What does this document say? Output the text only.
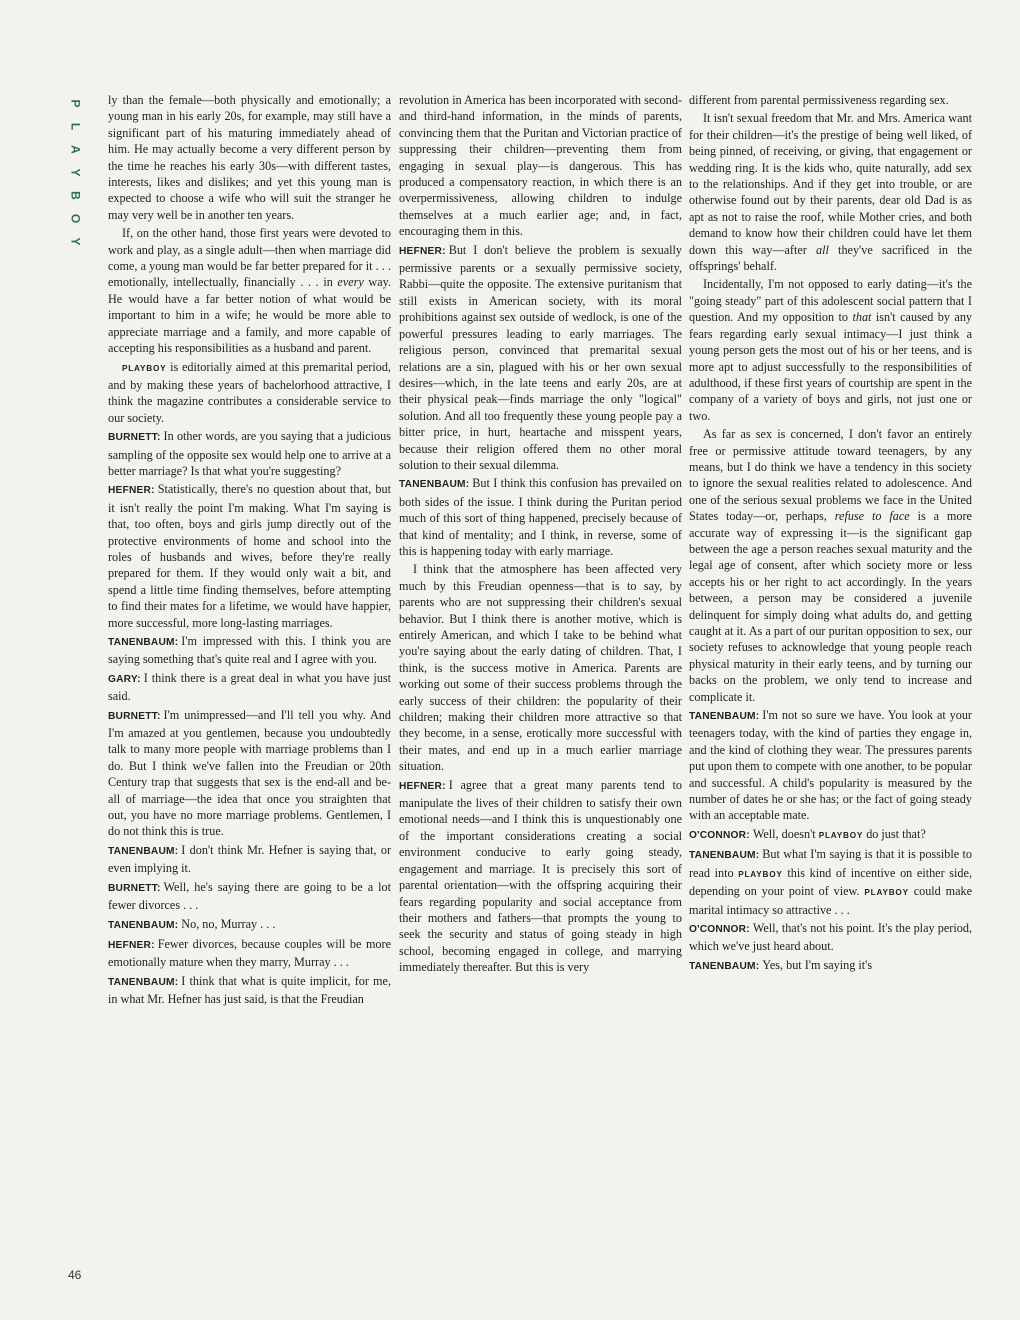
P
L
A
Y
B
O
Y
46

ly than the female—both physically and emotionally; a young man in his early 20s, for example, may still have a significant part of his maturing immediately ahead of him. He may actually become a very different person by the time he reaches his early 30s—with different tastes, interests, likes and dislikes; and yet this young man is expected to choose a wife who will suit the stranger he may very well be in another ten years.

If, on the other hand, those first years were devoted to work and play, as a single adult—then when marriage did come, a young man would be far better prepared for it . . . emotionally, intellectually, financially . . . in every way. He would have a far better notion of what would be important to him in a wife; he would be more able to appreciate marriage and a family, and more capable of accepting his responsibilities as a husband and parent.

PLAYBOY is editorially aimed at this premarital period, and by making these years of bachelorhood attractive, I think the magazine contributes a considerable service to our society.

BURNETT: In other words, are you saying that a judicious sampling of the opposite sex would help one to arrive at a better marriage? Is that what you're suggesting?

HEFNER: Statistically, there's no question about that, but it isn't really the point I'm making. What I'm saying is that, too often, boys and girls jump directly out of the protective environments of home and school into the roles of husbands and wives, before they're really prepared for them. If they would only wait a bit, and spend a little time finding themselves, before attempting to find their mates for a lifetime, we would have happier, more successful, more long-lasting marriages.

TANENBAUM: I'm impressed with this. I think you are saying something that's quite real and I agree with you.

GARY: I think there is a great deal in what you have just said.

BURNETT: I'm unimpressed—and I'll tell you why. And I'm amazed at you gentlemen, because you undoubtedly talk to many more people with marriage problems than I do. But I think we've fallen into the Freudian or 20th Century trap that suggests that sex is the end-all and be-all of marriage—the idea that once you straighten that out, you have no more marriage problems. Gentlemen, I do not think this is true.

TANENBAUM: I don't think Mr. Hefner is saying that, or even implying it.

BURNETT: Well, he's saying there are going to be a lot fewer divorces . . .

TANENBAUM: No, no, Murray . . .

HEFNER: Fewer divorces, because couples will be more emotionally mature when they marry, Murray . . .

TANENBAUM: I think that what is quite implicit, for me, in what Mr. Hefner has just said, is that the Freudian

revolution in America has been incorporated with second- and third-hand information, in the minds of parents, convincing them that the Puritan and Victorian practice of suppressing their children—preventing them from engaging in sexual play—is dangerous. This has produced a compensatory reaction, in which there is an overpermissiveness, allowing children to indulge themselves at a much earlier age; and, in fact, encouraging them in this.

HEFNER: But I don't believe the problem is sexually permissive parents or a sexually permissive society, Rabbi—quite the opposite. The extensive puritanism that still exists in American society, with its moral prohibitions against sex outside of wedlock, is one of the powerful pressures leading to early marriages. The religious person, convinced that premarital sexual relations are a sin, plagued with his or her own sexual desires—which, in the late teens and early 20s, are at their physical peak—finds marriage the only "logical" solution. And all too frequently these young people pay a bitter price, in hurt, heartache and misspent years, because their religion offered them no other moral solution to their sexual dilemma.

TANENBAUM: But I think this confusion has prevailed on both sides of the issue. I think during the Puritan period much of this sort of thing happened, precisely because of that kind of mentality; and I think, in reverse, some of this is happening today with early marriage.

I think that the atmosphere has been affected very much by this Freudian openness—that is to say, by parents who are not suppressing their children's sexual behavior. But I think there is another motive, which is entirely American, and which I take to be behind what you're saying about the early dating of children. That, I think, is the success motive in America. Parents are working out some of their success problems through the early success of their children: the popularity of their children; making their children more attractive so that they become, in a sense, erotically more successful with their mates, and end up in a much earlier marriage situation.

HEFNER: I agree that a great many parents tend to manipulate the lives of their children to satisfy their own emotional needs—and I think this is unquestionably one of the important considerations creating a social environment conducive to early going steady, engagement and marriage. It is precisely this sort of parental orientation—with the offspring acquiring their fears regarding popularity and social acceptance from their mothers and fathers—that prompts the young to seek the security and status of going steady in high school, becoming engaged in college, and marrying immediately thereafter. But this is very

different from parental permissiveness regarding sex.

It isn't sexual freedom that Mr. and Mrs. America want for their children—it's the prestige of being well liked, of being pinned, of receiving, or giving, that engagement or wedding ring. It is the kids who, quite naturally, add sex to the relationships. And if they get into trouble, or are otherwise found out by their parents, dear old Dad is as apt as not to raise the roof, while Mother cries, and both demand to know how their children could have let them down this way—after all they've sacrificed in the offsprings' behalf.

Incidentally, I'm not opposed to early dating—it's the "going steady" part of this adolescent social pattern that I question. And my opposition to that isn't caused by any fears regarding early sexual intimacy—I just think a young person gets the most out of his or her teens, and is more apt to adjust successfully to the responsibilities of adulthood, if these first years of courtship are spent in the company of a variety of boys and girls, not just one or two.

As far as sex is concerned, I don't favor an entirely free or permissive attitude toward teenagers, by any means, but I do think we have a tendency in this society to ignore the sexual realities related to adolescence. And one of the serious sexual problems we face in the United States today—or, perhaps, refuse to face is a more accurate way of expressing it—is the significant gap between the age a person reaches sexual maturity and the legal age of consent, after which society more or less accepts his or her right to act accordingly. In the years between, a person may be considered a juvenile delinquent for simply doing what adults do, and getting caught at it. As a part of our puritan opposition to sex, our society refuses to acknowledge that young people reach physical maturity in their early teens, and by turning our backs on the problem, we only tend to increase and complicate it.

TANENBAUM: I'm not so sure we have. You look at your teenagers today, with the kind of parties they engage in, and the kind of clothing they wear. The pressures parents put upon them to compete with one another, to be popular and successful. A child's popularity is measured by the number of dates he or she has; or the fact of going steady with an acceptable mate.

O'CONNOR: Well, doesn't PLAYBOY do just that?

TANENBAUM: But what I'm saying is that it is possible to read into PLAYBOY this kind of incentive on either side, depending on your point of view. PLAYBOY could make marital intimacy so attractive . . .

O'CONNOR: Well, that's not his point. It's the play period, which we've just heard about.

TANENBAUM: Yes, but I'm saying it's
